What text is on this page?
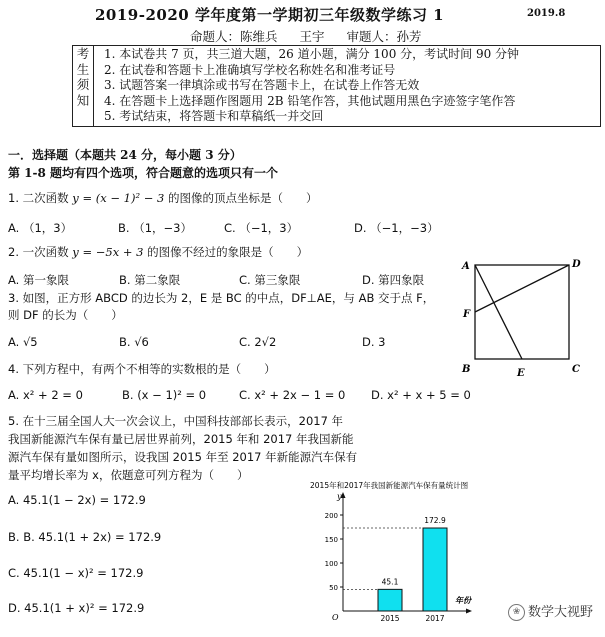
2019-2020 学年度第一学期初三年级数学练习 1	2019.8
命题人：陈维兵 王宇 审题人：孙芳
考
生
须
知

1. 本试卷共 7 页，共三道大题，26 道小题，满分 100 分，考试时间 90 分钟
2. 在试卷和答题卡上准确填写学校名称姓名和准考证号
3. 试题答案一律填涂或书写在答题卡上，在试卷上作答无效
4. 在答题卡上选择题作图题用 2B 铅笔作答，其他试题用黑色字迹签字笔作答
5. 考试结束，将答题卡和草稿纸一并交回
一．选择题（本题共 24 分，每小题 3 分）
第 1-8 题均有四个选项，符合题意的选项只有一个
1. 二次函数 y = (x − 1)² − 3 的图像的顶点坐标是（　　）
A. （1，3）	B. （1，−3）	C. （−1，3）	D. （−1，−3）
2. 一次函数 y = −5x + 3 的图像不经过的象限是（　　）
A. 第一象限	B. 第二象限	C. 第三象限	D. 第四象限
3. 如图，正方形 ABCD 的边长为 2，E 是 BC 的中点，DF⊥AE，与 AB 交于点 F，
则 DF 的长为（　　）
A. √5	B. √6	C. 2√2	D. 3
4. 下列方程中，有两个不相等的实数根的是（　　）
A. x² + 2 = 0	B. (x − 1)² = 0	C. x² + 2x − 1 = 0 D. x² + x + 5 = 0
5. 在十三届全国人大一次会议上，中国科技部部长表示，2017 年
我国新能源汽车保有量已居世界前列，2015 年和 2017 年我国新能
源汽车保有量如图所示，设我国 2015 年至 2017 年新能源汽车保有
量平均增长率为 x，依题意可列方程为（　　）
A. 45.1(1 − 2x) = 172.9
B. B. 45.1(1 + 2x) = 172.9
C. 45.1(1 − x)² = 172.9
D. 45.1(1 + x)² = 172.9
A	D
F
B	E	C
2015年和2017年我国新能源汽车保有量统计图
y
年份
O
50
100
150
200
45.1
2015
172.9
2017
❀ 数学大视野
